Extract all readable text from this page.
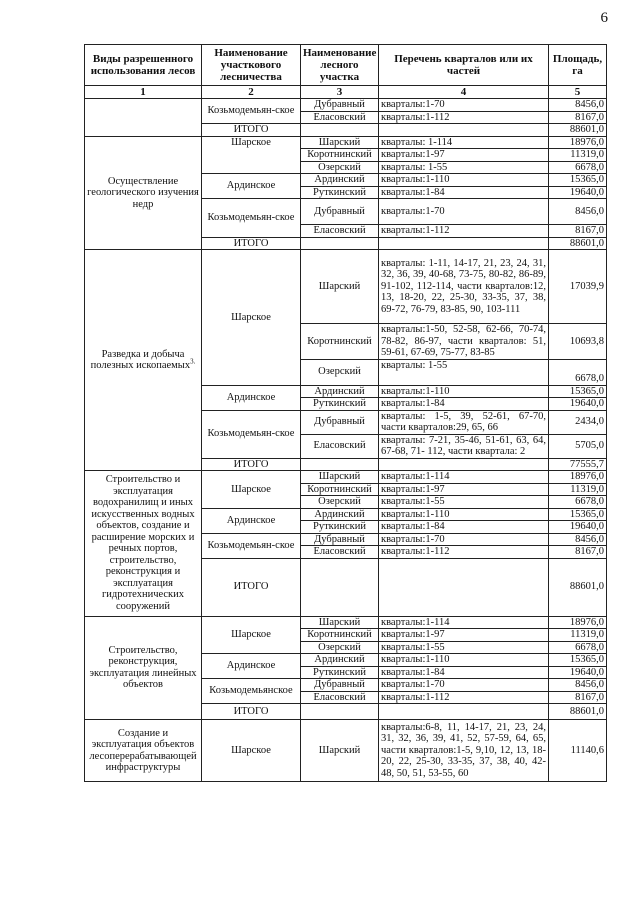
6
Виды разрешенного использования лесов	Наименование участкового лесничества	Наименование лесного участка	Перечень кварталов или их частей	Площадь, га
1	2	3	4	5
	Козьмодемьян-ское	Дубравный	кварталы:1-70	8456,0
		Еласовский	кварталы:1-112	8167,0
	ИТОГО			88601,0
Осуществление геологического изучения недр	Шарское	Шарский	кварталы: 1-114	18976,0
		Коротнинский	кварталы:1-97	11319,0
		Озерский	кварталы: 1-55	6678,0
	Ардинское	Ардинский	кварталы:1-110	15365,0
		Руткинский	кварталы:1-84	19640,0
	Козьмодемьян-ское	Дубравный	кварталы:1-70	8456,0
		Еласовский	кварталы:1-112	8167,0
	ИТОГО			88601,0
Разведка и добыча полезных ископаемых$^{3.}$	Шарское	Шарский	кварталы: 1-11, 14-17, 21, 23, 24, 31, 32, 36, 39, 40-68, 73-75, 80-82, 86-89, 91-102, 112-114, части кварталов:12, 13, 18-20, 22, 25-30, 33-35, 37, 38, 69-72, 76-79, 83-85, 90, 103-111	17039,9
		Коротнинский	кварталы:1-50, 52-58, 62-66, 70-74, 78-82, 86-97, части кварталов: 51, 59-61, 67-69, 75-77, 83-85	10693,8
		Озерский	кварталы: 1-55	6678,0
	Ардинское	Ардинский	кварталы:1-110	15365,0
		Руткинский	кварталы:1-84	19640,0
	Козьмодемьян-ское	Дубравный	кварталы: 1-5, 39, 52-61, 67-70, части кварталов:29, 65, 66	2434,0
		Еласовский	кварталы: 7-21, 35-46, 51-61, 63, 64, 67-68, 71- 112, части квартала: 2	5705,0
	ИТОГО			77555,7
Строительство и эксплуатация водохранилищ и иных искусственных водных объектов, создание и расширение морских и речных портов, строительство, реконструкция и эксплуатация гидротехнических сооружений	Шарское	Шарский	кварталы:1-114	18976,0
		Коротнинский	кварталы:1-97	11319,0
		Озерский	кварталы:1-55	6678,0
	Ардинское	Ардинский	кварталы:1-110	15365,0
		Руткинский	кварталы:1-84	19640,0
	Козьмодемьян-ское	Дубравный	кварталы:1-70	8456,0
		Еласовский	кварталы:1-112	8167,0
	ИТОГО			88601,0
Строительство, реконструкция, эксплуатация линейных объектов	Шарское	Шарский	кварталы:1-114	18976,0
		Коротнинский	кварталы:1-97	11319,0
		Озерский	кварталы:1-55	6678,0
	Ардинское	Ардинский	кварталы:1-110	15365,0
		Руткинский	кварталы:1-84	19640,0
	Козьмодемьянское	Дубравный	кварталы:1-70	8456,0
		Еласовский	кварталы:1-112	8167,0
	ИТОГО			88601,0
Создание и эксплуатация объектов лесоперерабатывающей инфраструктуры	Шарское	Шарский	кварталы:6-8, 11, 14-17, 21, 23, 24, 31, 32, 36, 39, 41, 52, 57-59, 64, 65, части кварталов:1-5, 9,10, 12, 13, 18-20, 22, 25-30, 33-35, 37, 38, 40, 42-48, 50, 51, 53-55, 60	11140,6
